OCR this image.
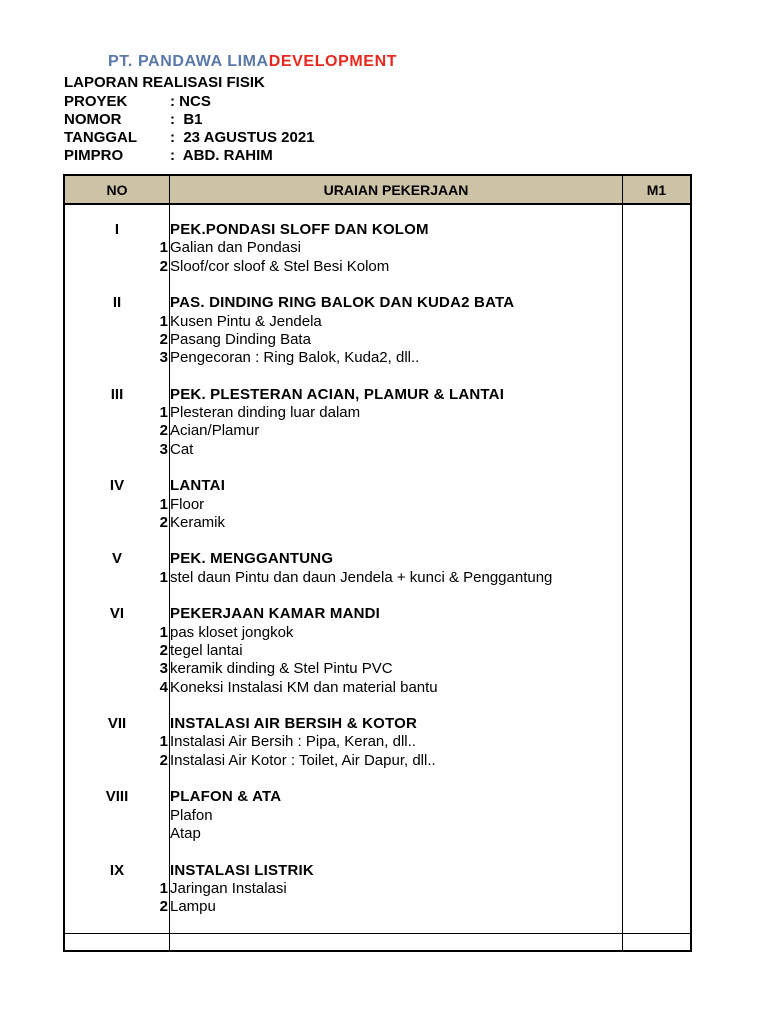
PT. PANDAWA LIMADEVELOPMENT
LAPORAN REALISASI FISIK
PROYEK	: NCS
NOMOR	:  B1
TANGGAL :  23 AGUSTUS 2021
PIMPRO	:  ABD. RAHIM
NO	URAIAN PEKERJAAN	M1
I	PEK.PONDASI SLOFF DAN KOLOM
1 Galian dan Pondasi
2 Sloof/cor sloof & Stel Besi Kolom
II	PAS. DINDING RING BALOK DAN KUDA2 BATA
1 Kusen Pintu & Jendela
2 Pasang Dinding Bata
3 Pengecoran : Ring Balok, Kuda2, dll..
III	PEK. PLESTERAN ACIAN, PLAMUR & LANTAI
1 Plesteran dinding luar dalam
2 Acian/Plamur
3 Cat
IV	LANTAI
1 Floor
2 Keramik
V	PEK. MENGGANTUNG
1 stel daun Pintu dan daun Jendela + kunci & Penggantung
VI	PEKERJAAN KAMAR MANDI
1 pas kloset jongkok
2 tegel lantai
3 keramik dinding & Stel Pintu PVC
4 Koneksi Instalasi KM dan material bantu
VII	INSTALASI AIR BERSIH & KOTOR
1 Instalasi Air Bersih : Pipa, Keran, dll..
2 Instalasi Air Kotor : Toilet, Air Dapur, dll..
VIII	PLAFON & ATA
Plafon
Atap
IX	INSTALASI LISTRIK
1 Jaringan Instalasi
2 Lampu
